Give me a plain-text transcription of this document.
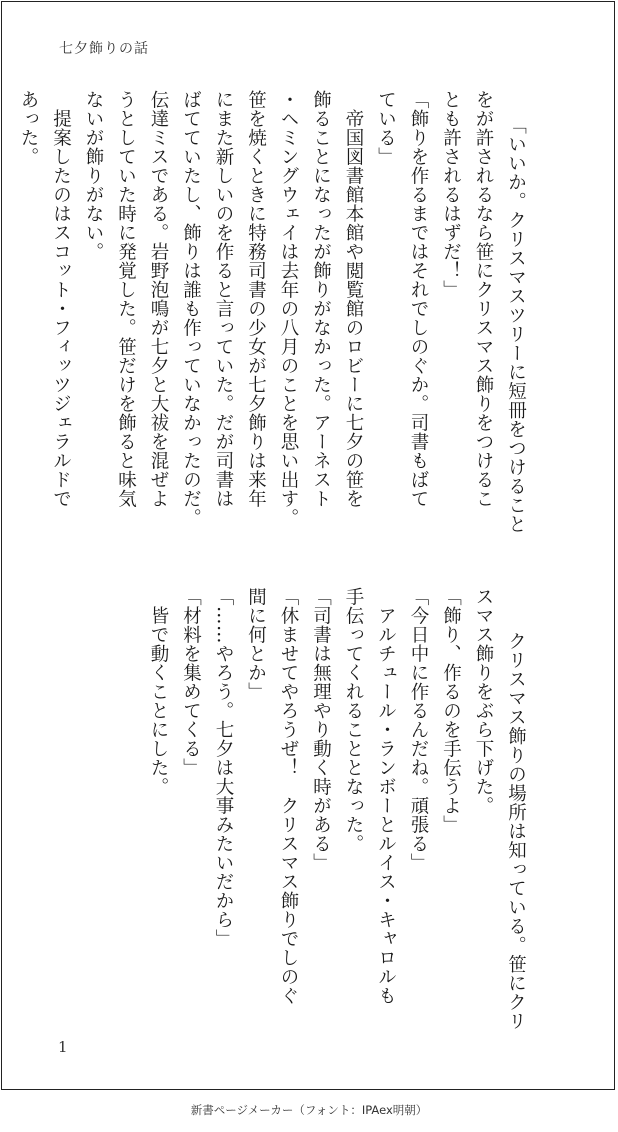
七夕飾りの話

「いいか。クリスマスツリーに短冊をつけること
をが許されるなら笹にクリスマス飾りをつけるこ
とも許されるはずだ！」
「飾りを作るまではそれでしのぐか。司書もばて
ている」
　帝国図書館本館や閲覧館のロビーに七夕の笹を
飾ることになったが飾りがなかった。アーネスト
・ヘミングウェイは去年の八月のことを思い出す。
笹を焼くときに特務司書の少女が七夕飾りは来年
にまた新しいのを作ると言っていた。だが司書は
ばてていたし、飾りは誰も作っていなかったのだ。
伝達ミスである。岩野泡鳴が七夕と大祓を混ぜよ
うとしていた時に発覚した。笹だけを飾ると味気
ないが飾りがない。
　提案したのはスコット・フィッツジェラルドで
あった。

　クリスマス飾りの場所は知っている。笹にクリ
スマス飾りをぶら下げた。
「飾り、作るのを手伝うよ」
「今日中に作るんだね。頑張る」
　アルチュール・ランボーとルイス・キャロルも
手伝ってくれることとなった。
「司書は無理やり動く時がある」
「休ませてやろうぜ！　クリスマス飾りでしのぐ
間に何とか」
「……やろう。七夕は大事みたいだから」
「材料を集めてくる」
　皆で動くことにした。

1
新書ページメーカー（フォント：IPAex明朝）
